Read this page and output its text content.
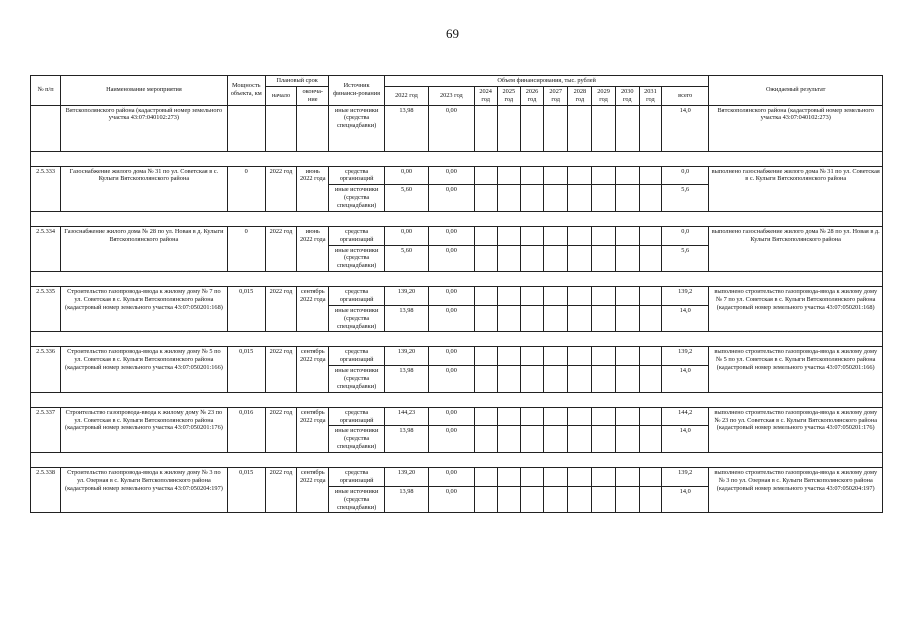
69
№ п/п	Наименование мероприятия	Мощность объекта, км	Плановый срок		Источник финанси-рования	Объем финансирования, тыс. рублей											Ожидаемый результат
			начало	оконча-ние		2022 год	2023 год	2024 год	2025 год	2026 год	2027 год	2028 год	2029 год	2030 год	2031 год	всего	

	Вятскополянского района (кадастровый номер земельного участка 43:07:040102:273)				иные источники (средства спецнадбавки)	13,98	0,00									14,0	Вятскополянского района (кадастровый номер земельного участка 43:07:040102:273)

2.5.333	Газоснабжение жилого дома № 31 по ул. Советская в с. Кулыги Вятскополянского района	0	2022 год	июнь 2022 года	средства организаций	0,00	0,00									0,0	выполнено газоснабжение жилого дома № 31 по ул. Советская в с. Кулыги Вятскополянского района
					иные источники (средства спецнадбавки)	5,60	0,00									5,6	

2.5.334	Газоснабжение жилого дома № 28 по ул. Новая в д. Кулыги Вятскополянского района	0	2022 год	июнь 2022 года	средства организаций	0,00	0,00									0,0	выполнено газоснабжение жилого дома № 28 по ул. Новая в д. Кулыги Вятскополянского района
					иные источники (средства спецнадбавки)	5,60	0,00									5,6	

2.5.335	Строительство газопровода-ввода к жилому дому № 7 по ул. Советская в с. Кулыги Вятскополянского района (кадастровый номер земельного участка 43:07:050201:168)	0,015	2022 год	сентябрь 2022 года	средства организаций	139,20	0,00									139,2	выполнено строительство газопровода-ввода к жилому дому № 7 по ул. Советская в с. Кулыги Вятскополянского района (кадастровый номер земельного участка 43:07:050201:168)
					иные источники (средства спецнадбавки)	13,98	0,00									14,0	

2.5.336	Строительство газопровода-ввода к жилому дому № 5 по ул. Советская в с. Кулыги Вятскополянского района (кадастровый номер земельного участка 43:07:050201:166)	0,015	2022 год	сентябрь 2022 года	средства организаций	139,20	0,00									139,2	выполнено строительство газопровода-ввода к жилому дому № 5 по ул. Советская в с. Кулыги Вятскополянского района (кадастровый номер земельного участка 43:07:050201:166)
					иные источники (средства спецнадбавки)	13,98	0,00									14,0	

2.5.337	Строительство газопровода-ввода к жилому дому № 23 по ул. Советская в с. Кулыги Вятскополянского района (кадастровый номер земельного участка 43:07:050201:176)	0,016	2022 год	сентябрь 2022 года	средства организаций	144,23	0,00									144,2	выполнено строительство газопровода-ввода к жилому дому № 23 по ул. Советская в с. Кулыги Вятскополянского района (кадастровый номер земельного участка 43:07:050201:176)
					иные источники (средства спецнадбавки)	13,98	0,00									14,0	

2.5.338	Строительство газопровода-ввода к жилому дому № 3 по ул. Озерная в с. Кулыги Вятскополянского района (кадастровый номер земельного участка 43:07:050204:197)	0,015	2022 год	сентябрь 2022 года	средства организаций	139,20	0,00									139,2	выполнено строительство газопровода-ввода к жилому дому № 3 по ул. Озерная в с. Кулыги Вятскополянского района (кадастровый номер земельного участка 43:07:050204:197)
					иные источники (средства спецнадбавки)	13,98	0,00									14,0	
